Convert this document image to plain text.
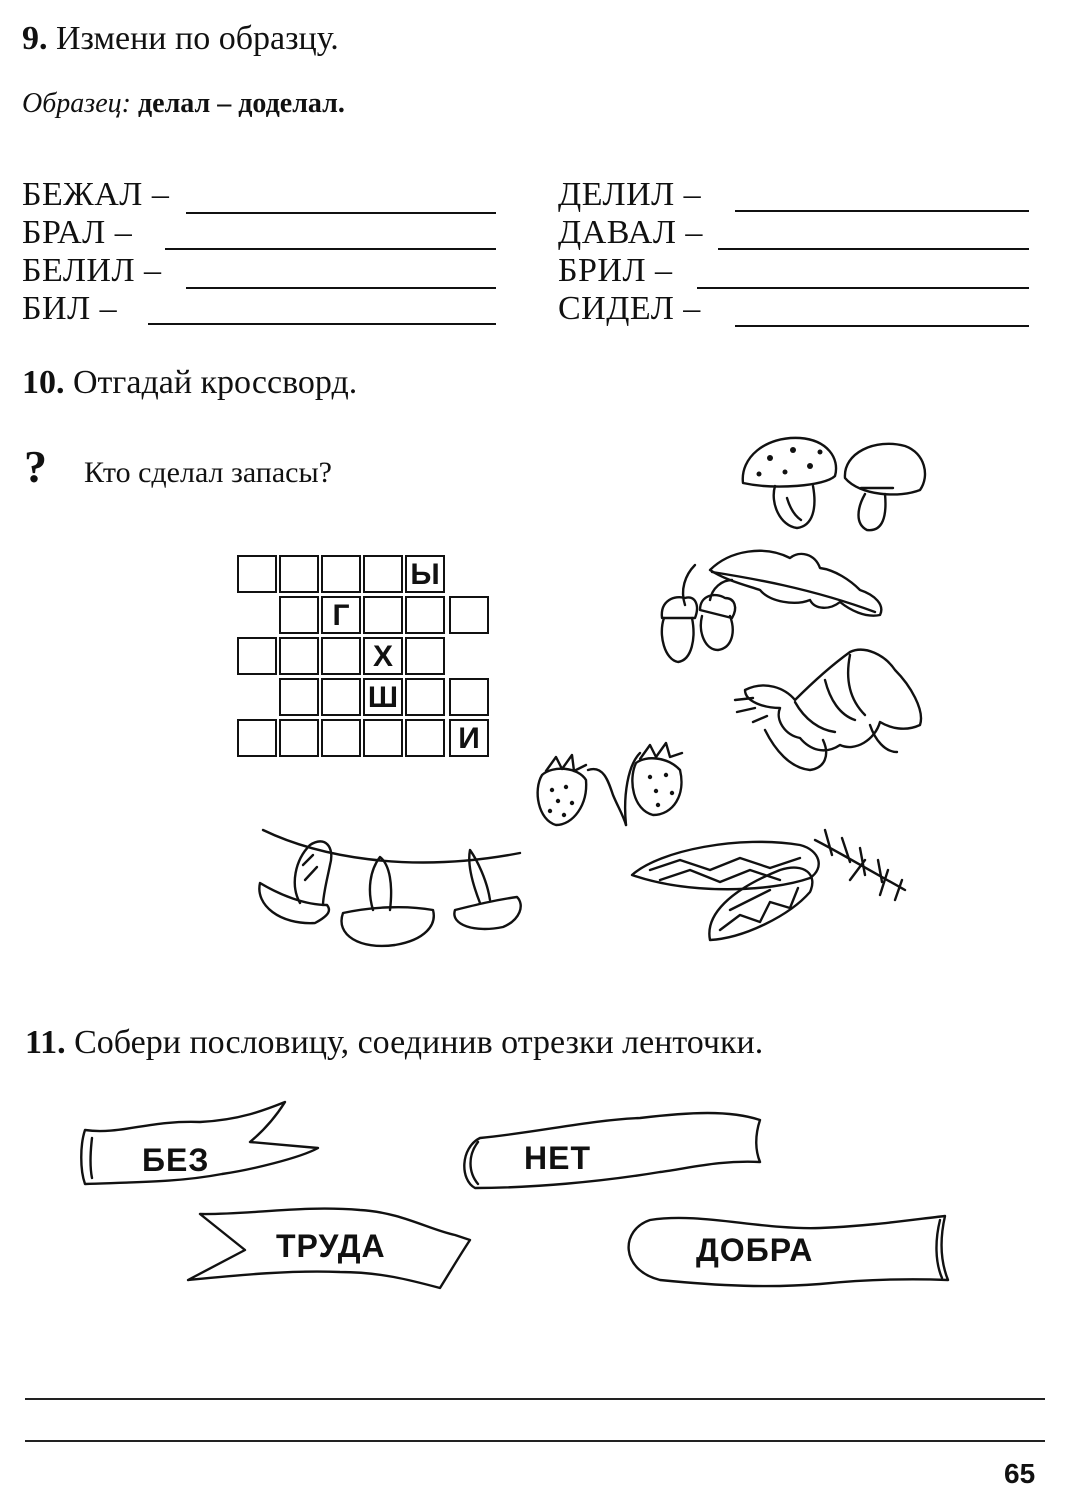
9. Измени по образцу.
Образец: делал – доделал.
БЕЖАЛ –
БРАЛ –
БЕЛИЛ –
БИЛ –
ДЕЛИЛ –
ДАВАЛ –
БРИЛ –
СИДЕЛ –
10. Отгадай кроссворд.
? Кто сделал запасы?
Ы
Г
Х
Ш
И
11. Собери пословицу, соединив отрезки ленточки.
БЕЗ	НЕТ
ТРУДА	ДОБРА
65
